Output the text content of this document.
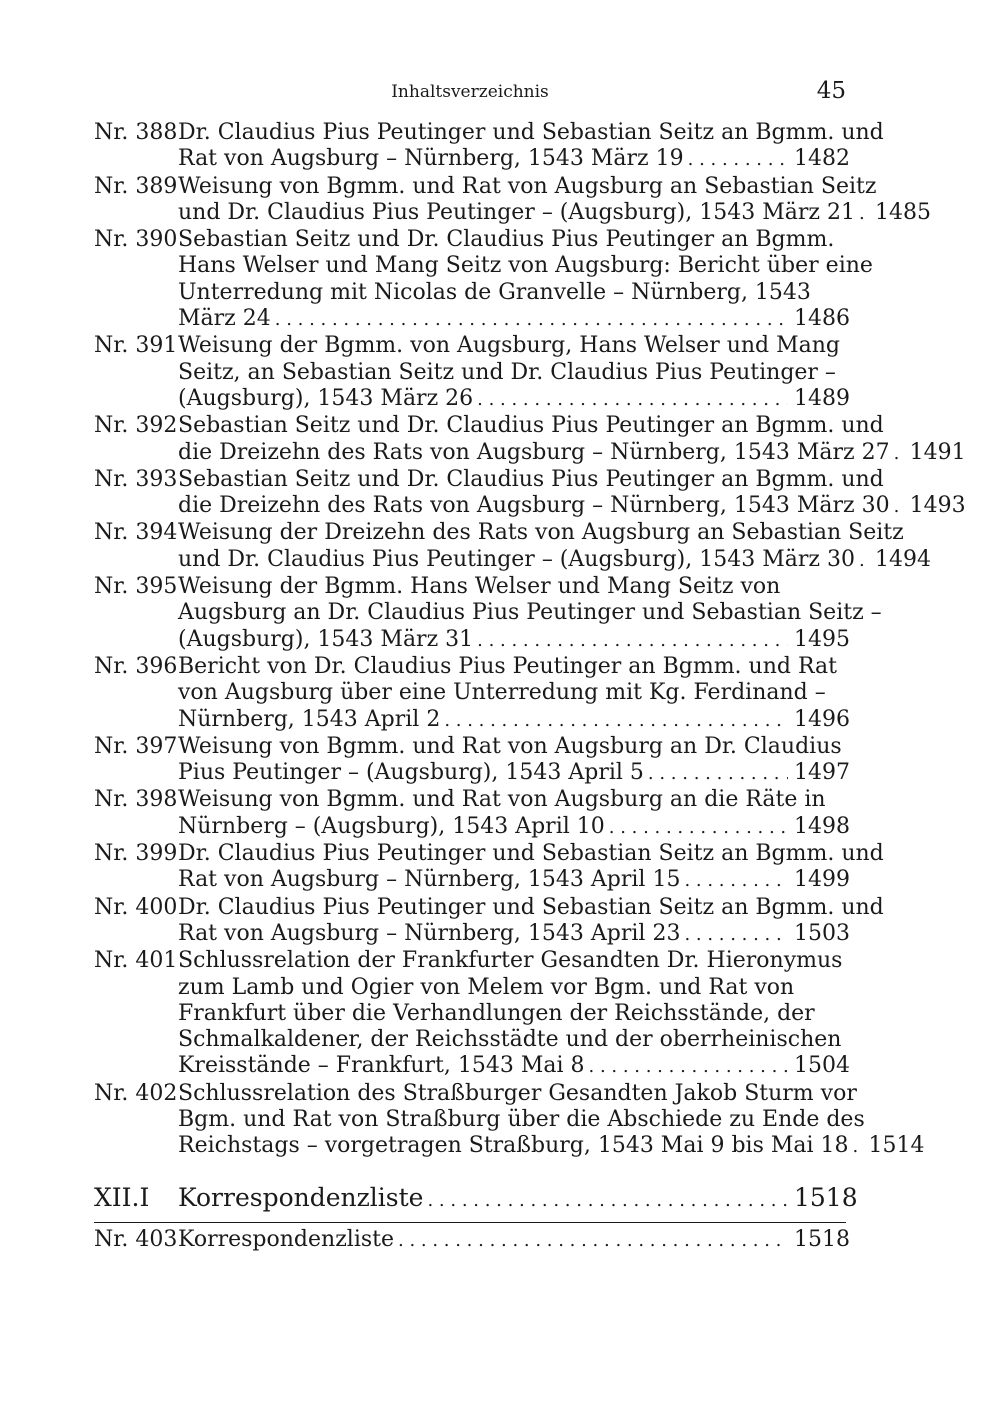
Inhaltsverzeichnis	45
Nr. 388 Dr. Claudius Pius Peutinger und Sebastian Seitz an Bgmm. und
Rat von Augsburg – Nürnberg, 1543 März 19 . . .	1482
Nr. 389 Weisung von Bgmm. und Rat von Augsburg an Sebastian Seitz
und Dr. Claudius Pius Peutinger – (Augsburg), 1543 März 21 . . . 1485
Nr. 390 Sebastian Seitz und Dr. Claudius Pius Peutinger an Bgmm.
Hans Welser und Mang Seitz von Augsburg: Bericht über eine
Unterredung mit Nicolas de Granvelle – Nürnberg, 1543
März 24 . . .	1486
Nr. 391 Weisung der Bgmm. von Augsburg, Hans Welser und Mang
Seitz, an Sebastian Seitz und Dr. Claudius Pius Peutinger –
(Augsburg), 1543 März 26 . . .	1489
Nr. 392 Sebastian Seitz und Dr. Claudius Pius Peutinger an Bgmm. und
die Dreizehn des Rats von Augsburg – Nürnberg, 1543 März 27 . . . 1491
Nr. 393 Sebastian Seitz und Dr. Claudius Pius Peutinger an Bgmm. und
die Dreizehn des Rats von Augsburg – Nürnberg, 1543 März 30 . . . 1493
Nr. 394 Weisung der Dreizehn des Rats von Augsburg an Sebastian Seitz
und Dr. Claudius Pius Peutinger – (Augsburg), 1543 März 30 . . . 1494
Nr. 395 Weisung der Bgmm. Hans Welser und Mang Seitz von
Augsburg an Dr. Claudius Pius Peutinger und Sebastian Seitz –
(Augsburg), 1543 März 31 . . .	1495
Nr. 396 Bericht von Dr. Claudius Pius Peutinger an Bgmm. und Rat
von Augsburg über eine Unterredung mit Kg. Ferdinand –
Nürnberg, 1543 April 2 . . .	1496
Nr. 397 Weisung von Bgmm. und Rat von Augsburg an Dr. Claudius
Pius Peutinger – (Augsburg), 1543 April 5 . . .	1497
Nr. 398 Weisung von Bgmm. und Rat von Augsburg an die Räte in
Nürnberg – (Augsburg), 1543 April 10 . . .	1498
Nr. 399 Dr. Claudius Pius Peutinger und Sebastian Seitz an Bgmm. und
Rat von Augsburg – Nürnberg, 1543 April 15 . . .	1499
Nr. 400 Dr. Claudius Pius Peutinger und Sebastian Seitz an Bgmm. und
Rat von Augsburg – Nürnberg, 1543 April 23 . . .	1503
Nr. 401 Schlussrelation der Frankfurter Gesandten Dr. Hieronymus
zum Lamb und Ogier von Melem vor Bgm. und Rat von
Frankfurt über die Verhandlungen der Reichsstände, der
Schmalkaldener, der Reichsstädte und der oberrheinischen
Kreisstände – Frankfurt, 1543 Mai 8 . . .	1504
Nr. 402 Schlussrelation des Straßburger Gesandten Jakob Sturm vor
Bgm. und Rat von Straßburg über die Abschiede zu Ende des
Reichstags – vorgetragen Straßburg, 1543 Mai 9 bis Mai 18 . . . 1514
XII.I	Korrespondenzliste . . .	1518
Nr. 403 Korrespondenzliste . . .	1518
